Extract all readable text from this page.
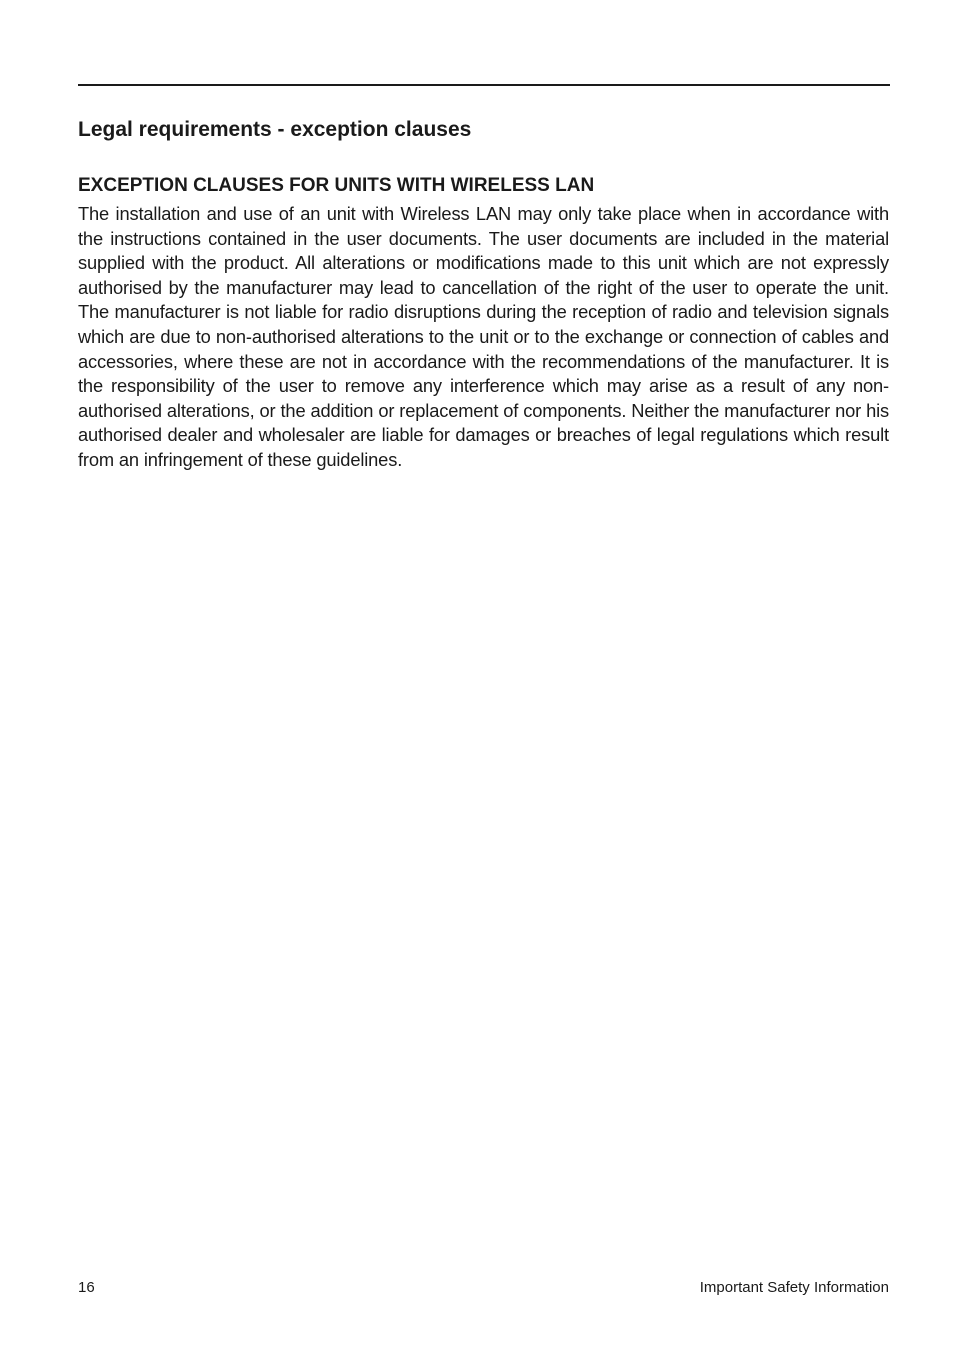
Legal requirements - exception clauses
EXCEPTION CLAUSES FOR UNITS WITH WIRELESS LAN

The installation and use of an unit with Wireless LAN may only take place when in accordance with the instructions contained in the user documents. The user documents are included in the material supplied with the product. All alterations or modifications made to this unit which are not expressly authorised by the manufacturer may lead to cancellation of the right of the user to operate the unit. The manufacturer is not liable for radio disruptions during the reception of radio and television signals which are due to non-authorised alterations to the unit or to the exchange or connection of cables and accessories, where these are not in accordance with the recommendations of the manufacturer. It is the responsibility of the user to remove any interference which may arise as a result of any non-authorised alterations, or the addition or replacement of components. Neither the manufacturer nor his authorised dealer and wholesaler are liable for damages or breaches of legal regulations which result from an infringement of these guidelines.

16	Important Safety Information
